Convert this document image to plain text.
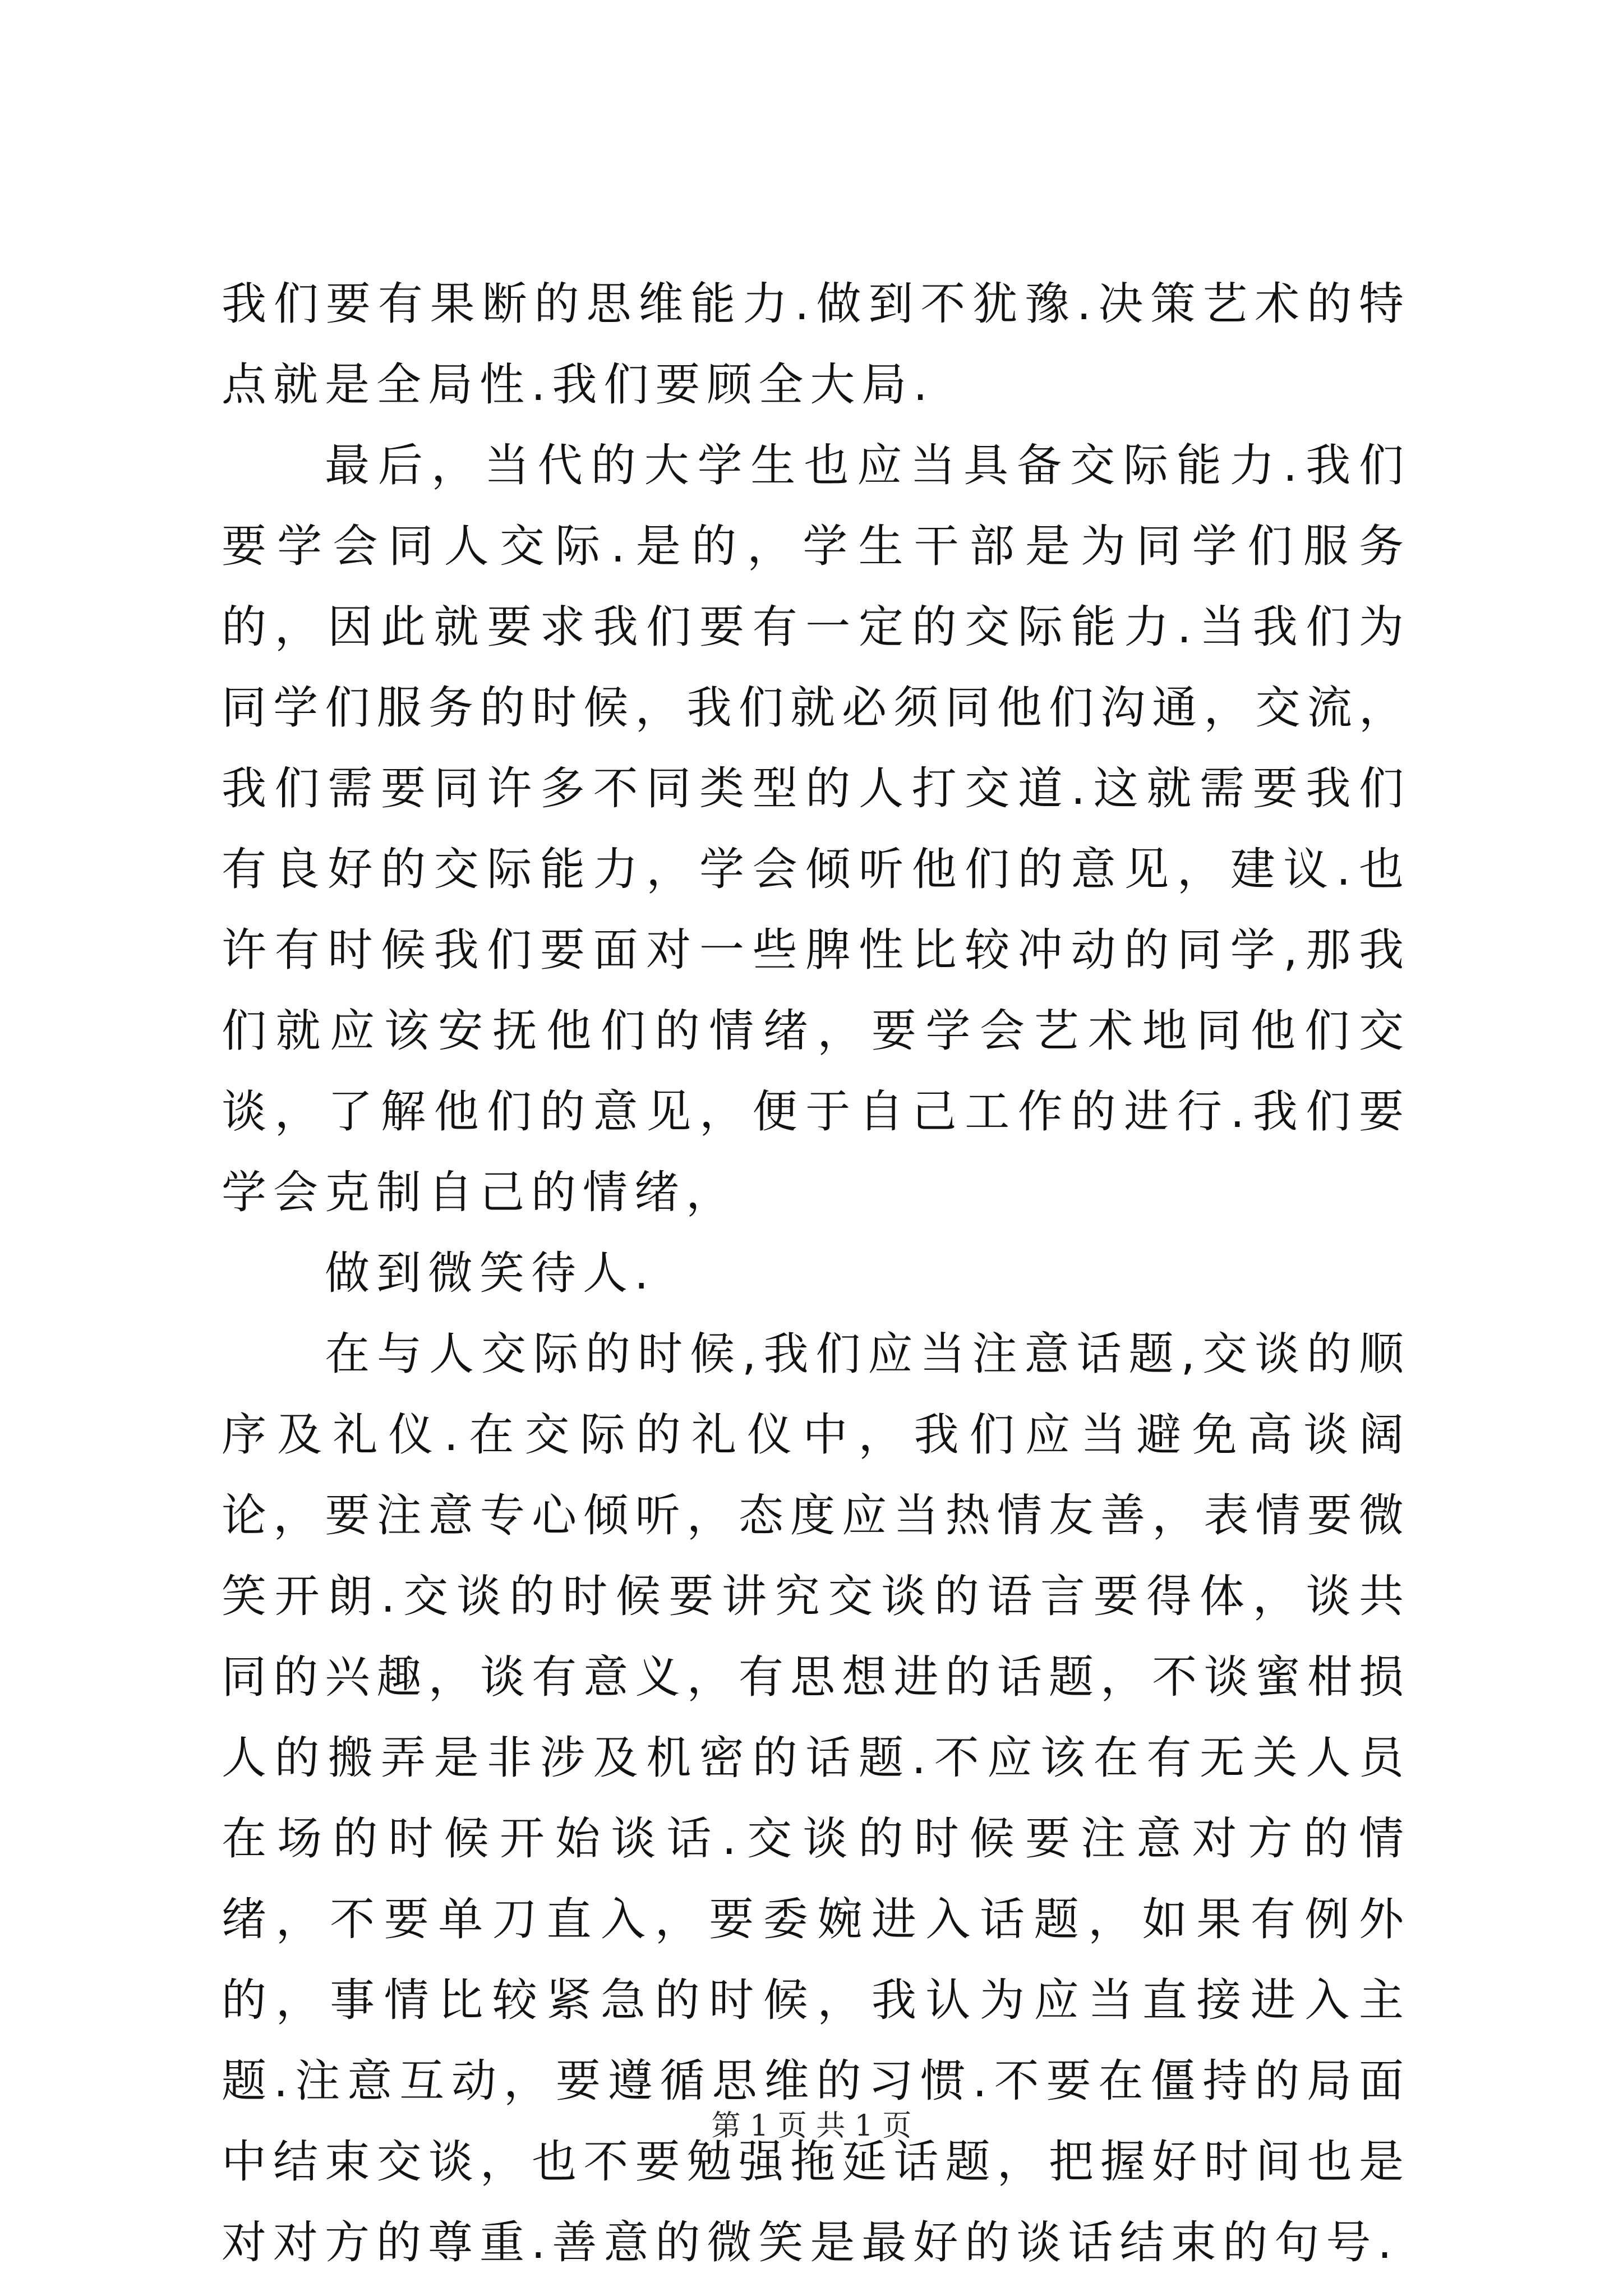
我们要有果断的思维能力.做到不犹豫.决策艺术的特点就是全局性.我们要顾全大局.

最后，当代的大学生也应当具备交际能力.我们要学会同人交际.是的，学生干部是为同学们服务的，因此就要求我们要有一定的交际能力.当我们为同学们服务的时候，我们就必须同他们沟通，交流，我们需要同许多不同类型的人打交道.这就需要我们有良好的交际能力，学会倾听他们的意见，建议.也许有时候我们要面对一些脾性比较冲动的同学,那我们就应该安抚他们的情绪，要学会艺术地同他们交谈，了解他们的意见，便于自己工作的进行.我们要学会克制自己的情绪，

做到微笑待人.

在与人交际的时候,我们应当注意话题,交谈的顺序及礼仪.在交际的礼仪中，我们应当避免高谈阔论，要注意专心倾听，态度应当热情友善，表情要微笑开朗.交谈的时候要讲究交谈的语言要得体，谈共同的兴趣，谈有意义，有思想进的话题，不谈蜜柑损人的搬弄是非涉及机密的话题.不应该在有无关人员在场的时候开始谈话.交谈的时候要注意对方的情绪，不要单刀直入，要委婉进入话题，如果有例外的，事情比较紧急的时候，我认为应当直接进入主题.注意互动，要遵循思维的习惯.不要在僵持的局面中结束交谈，也不要勉强拖延话题，把握好时间也是对对方的尊重.善意的微笑是最好的谈话结束的句号.

第 1 页 共 1 页
